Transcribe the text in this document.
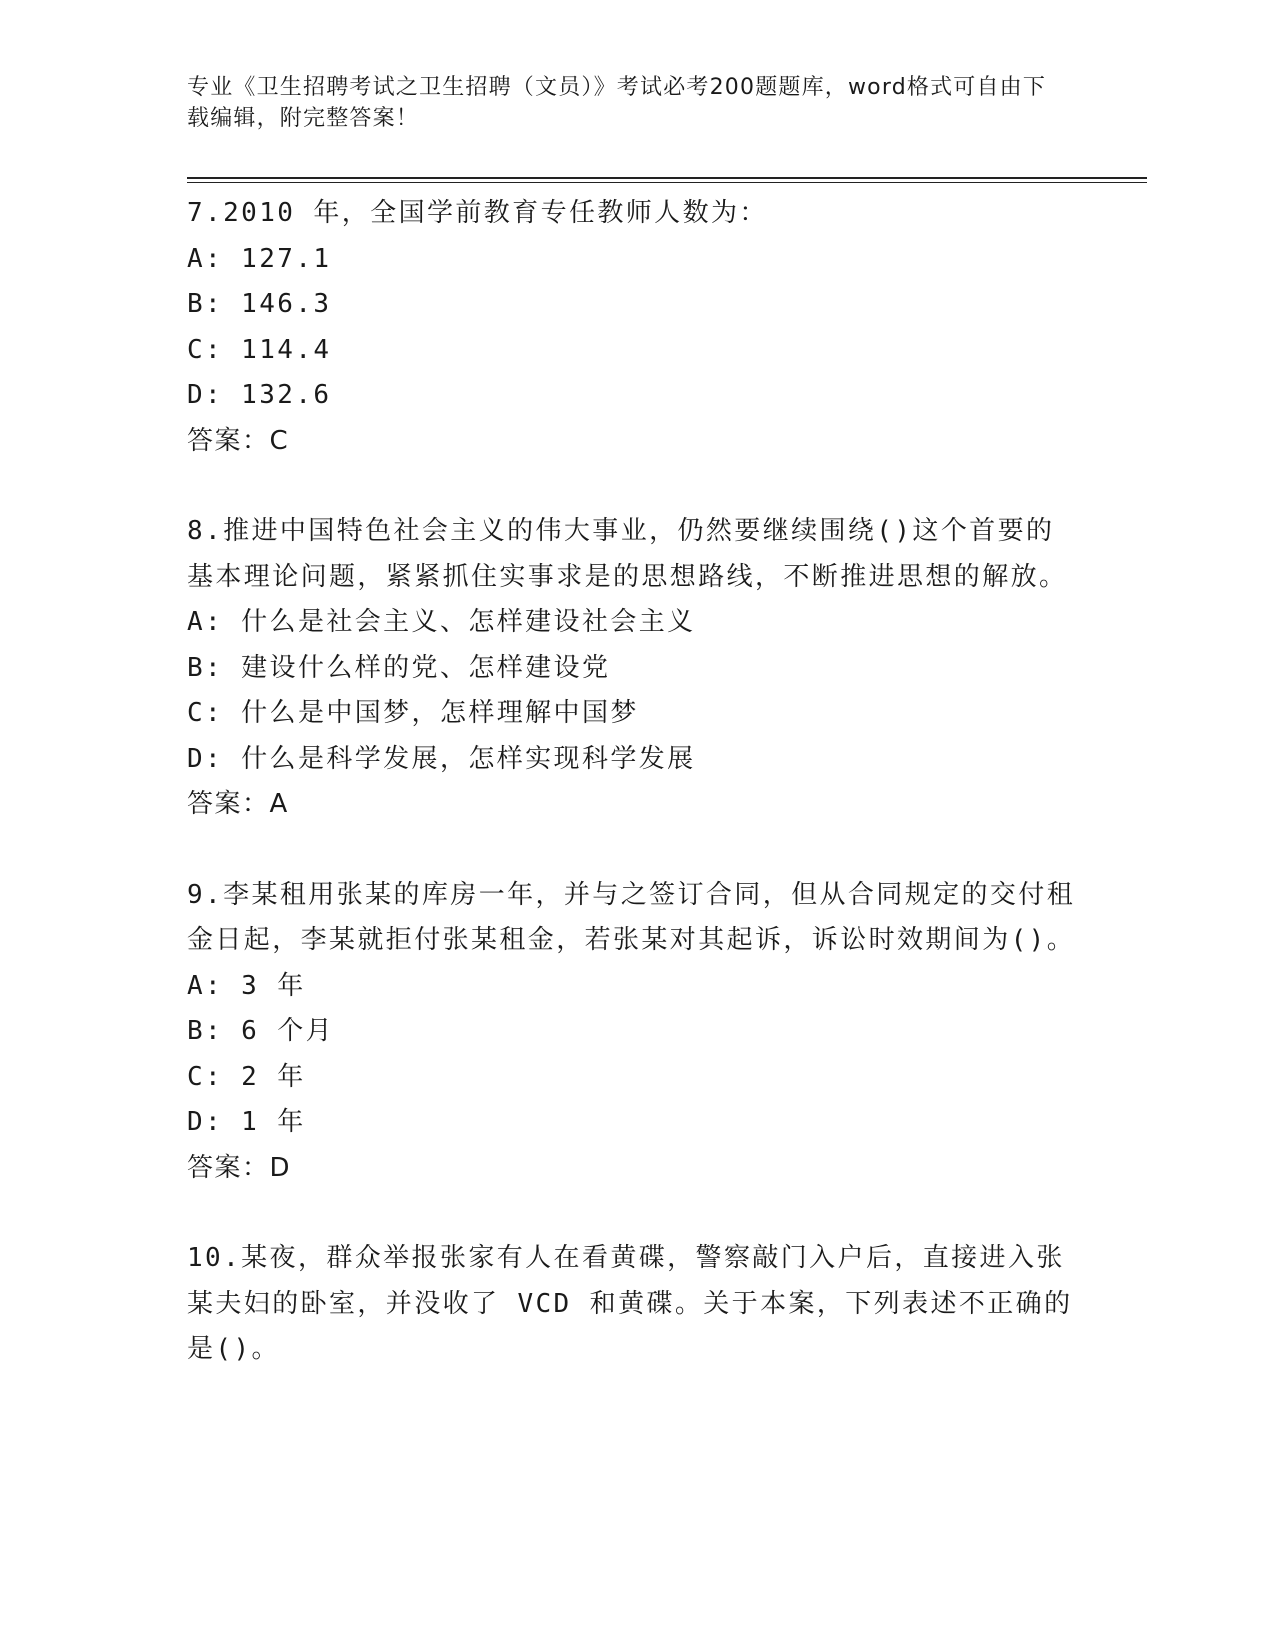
专业《卫生招聘考试之卫生招聘（文员）》考试必考200题题库，word格式可自由下载编辑，附完整答案！

7.2010 年，全国学前教育专任教师人数为：

A: 127.1

B: 146.3

C: 114.4

D: 132.6

答案：C

8.推进中国特色社会主义的伟大事业，仍然要继续围绕()这个首要的基本理论问题，紧紧抓住实事求是的思想路线，不断推进思想的解放。

A: 什么是社会主义、怎样建设社会主义

B: 建设什么样的党、怎样建设党

C: 什么是中国梦，怎样理解中国梦

D: 什么是科学发展，怎样实现科学发展

答案：A

9.李某租用张某的库房一年，并与之签订合同，但从合同规定的交付租金日起，李某就拒付张某租金，若张某对其起诉，诉讼时效期间为()。

A: 3 年

B: 6 个月

C: 2 年

D: 1 年

答案：D

10.某夜，群众举报张家有人在看黄碟，警察敲门入户后，直接进入张某夫妇的卧室，并没收了 VCD 和黄碟。关于本案，下列表述不正确的是()。
